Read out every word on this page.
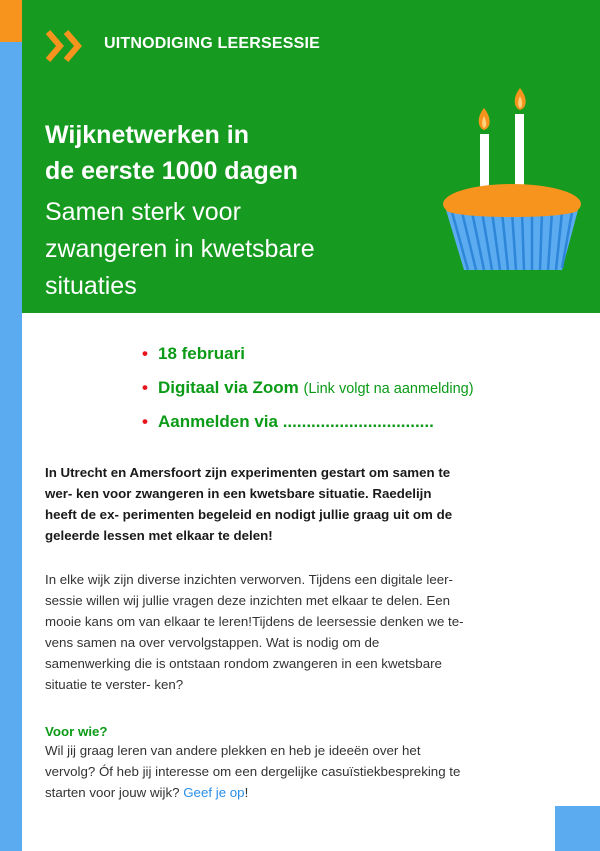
UITNODIGING LEERSESSIE
Wijknetwerken in
de eerste 1000 dagen
Samen sterk voor
zwangeren in kwetsbare
situaties
• 18 februari
• Digitaal via Zoom (Link volgt na aanmelding)
• Aanmelden via ................................
In Utrecht en Amersfoort zijn experimenten gestart om samen te
wer- ken voor zwangeren in een kwetsbare situatie. Raedelijn
heeft de ex- perimenten begeleid en nodigt jullie graag uit om de
geleerde lessen met elkaar te delen!
In elke wijk zijn diverse inzichten verworven. Tijdens een digitale leer-
sessie willen wij jullie vragen deze inzichten met elkaar te delen. Een
mooie kans om van elkaar te leren!Tijdens de leersessie denken we te-
vens samen na over vervolgstappen. Wat is nodig om de
samenwerking die is ontstaan rondom zwangeren in een kwetsbare
situatie te verster- ken?
Voor wie?
Wil jij graag leren van andere plekken en heb je ideeën over het
vervolg? Óf heb jij interesse om een dergelijke casuïstiekbespreking te
starten voor jouw wijk? Geef je op!
